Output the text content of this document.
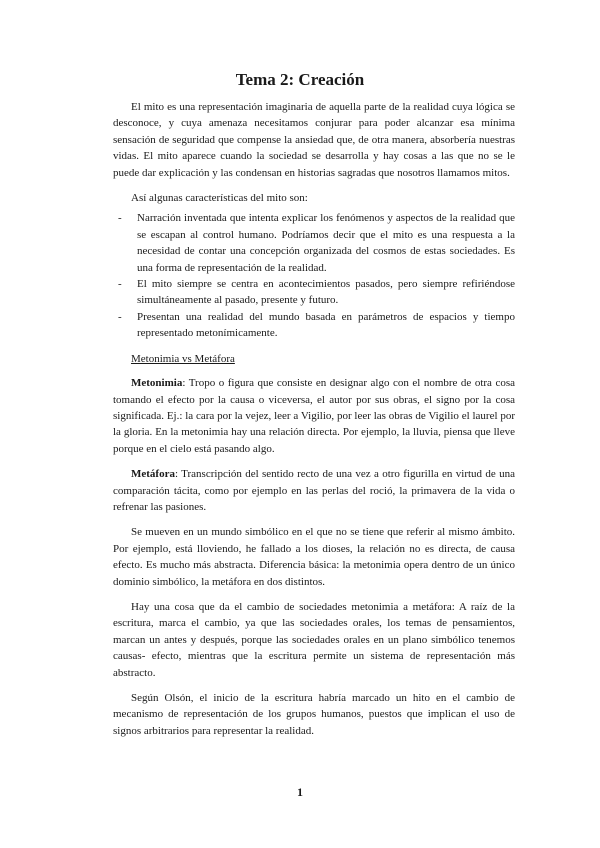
Tema 2: Creación

El mito es una representación imaginaria de aquella parte de la realidad cuya lógica se desconoce, y cuya amenaza necesitamos conjurar para poder alcanzar esa mínima sensación de seguridad que compense la ansiedad que, de otra manera, absorbería nuestras vidas. El mito aparece cuando la sociedad se desarrolla y hay cosas a las que no se le puede dar explicación y las condensan en historias sagradas que nosotros llamamos mitos.

Así algunas características del mito son:

- Narración inventada que intenta explicar los fenómenos y aspectos de la realidad que se escapan al control humano. Podríamos decir que el mito es una respuesta a la necesidad de contar una concepción organizada del cosmos de estas sociedades. Es una forma de representación de la realidad.
- El mito siempre se centra en acontecimientos pasados, pero siempre refiriéndose simultáneamente al pasado, presente y futuro.
- Presentan una realidad del mundo basada en parámetros de espacios y tiempo representado metonímicamente.

Metonimia vs Metáfora

Metonimia: Tropo o figura que consiste en designar algo con el nombre de otra cosa tomando el efecto por la causa o viceversa, el autor por sus obras, el signo por la cosa significada. Ej.: la cara por la vejez, leer a Vigilio, por leer las obras de Vigilio el laurel por la gloria. En la metonimia hay una relación directa. Por ejemplo, la lluvia, piensa que lleve porque en el cielo está pasando algo.

Metáfora: Transcripción del sentido recto de una vez a otro figurilla en virtud de una comparación tácita, como por ejemplo en las perlas del roció, la primavera de la vida o refrenar las pasiones.

Se mueven en un mundo simbólico en el que no se tiene que referir al mismo ámbito. Por ejemplo, está lloviendo, he fallado a los dioses, la relación no es directa, de causa efecto. Es mucho más abstracta. Diferencia básica: la metonimia opera dentro de un único dominio simbólico, la metáfora en dos distintos.

Hay una cosa que da el cambio de sociedades metonimia a metáfora: A raíz de la escritura, marca el cambio, ya que las sociedades orales, los temas de pensamientos, marcan un antes y después, porque las sociedades orales en un plano simbólico tenemos causas- efecto, mientras que la escritura permite un sistema de representación más abstracto.

Según Olsón, el inicio de la escritura habría marcado un hito en el cambio de mecanismo de representación de los grupos humanos, puestos que implican el uso de signos arbitrarios para representar la realidad.

1
